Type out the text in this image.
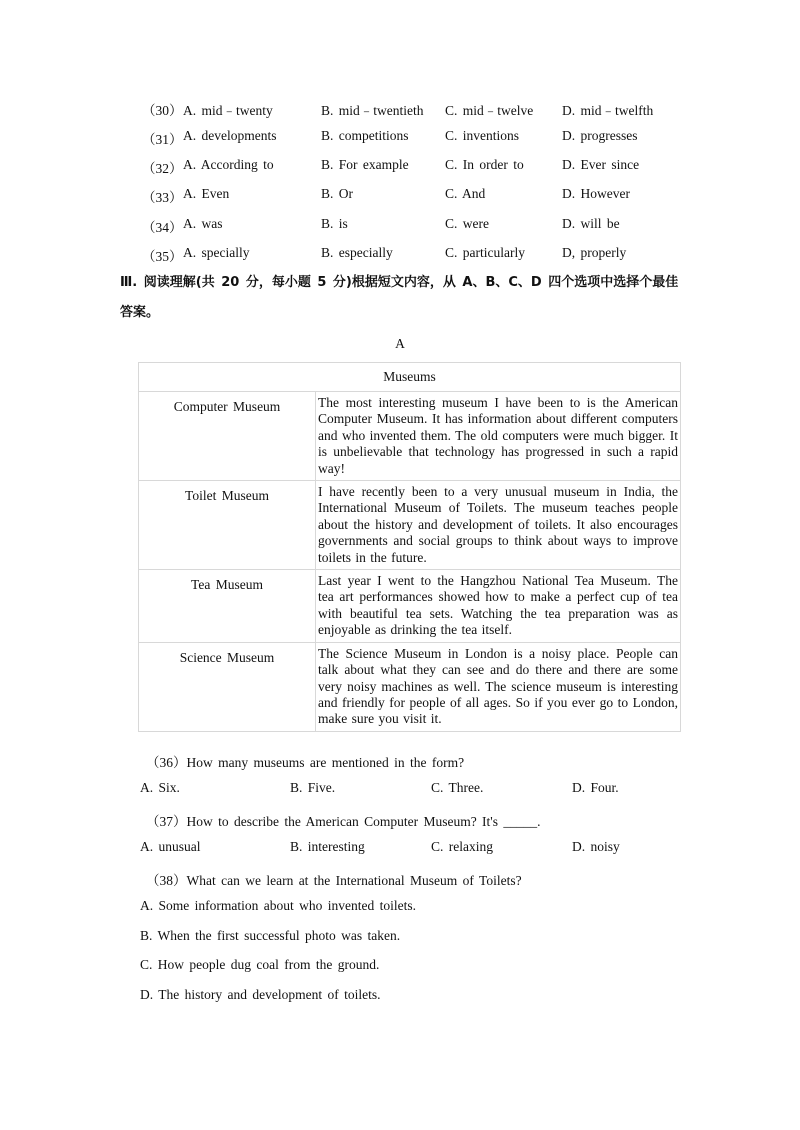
（30） A. mid﹣twenty	B. mid﹣twentieth C. mid﹣twelve D. mid﹣twelfth
（31） A. developments	B. competitions	C. inventions	D. progresses
（32） A. According to	B. For example	C. In order to	D. Ever since
（33） A. Even	B. Or	C. And	D. However
（34） A. was	B. is	C. were	D. will be
（35） A. specially	B. especially	C. particularly	D, properly
Ⅲ. 阅读理解(共 20 分，每小题 5 分)根据短文内容，从 A、B、C、D 四个选项中选择个最佳答案。
A
Museums	
Computer Museum	The most interesting museum I have been to is the American Computer Museum. It has information about different computers and who invented them. The old computers were much bigger. It is unbelievable that technology has progressed in such a rapid way!
Toilet Museum	I have recently been to a very unusual museum in India, the International Museum of Toilets. The museum teaches people about the history and development of toilets. It also encourages governments and social groups to think about ways to improve toilets in the future.
Tea Museum	Last year I went to the Hangzhou National Tea Museum. The tea art performances showed how to make a perfect cup of tea with beautiful tea sets. Watching the tea preparation was as enjoyable as drinking the tea itself.
Science Museum	The Science Museum in London is a noisy place. People can talk about what they can see and do there and there are some very noisy machines as well. The science museum is interesting and friendly for people of all ages. So if you ever go to London, make sure you visit it.
（36）How many museums are mentioned in the form?
A. Six.	B. Five.	C. Three.	D. Four.
（37）How to describe the American Computer Museum? It's _____.
A. unusual	B. interesting	C. relaxing	D. noisy
（38）What can we learn at the International Museum of Toilets?
A. Some information about who invented toilets.
B. When the first successful photo was taken.
C. How people dug coal from the ground.
D. The history and development of toilets.
